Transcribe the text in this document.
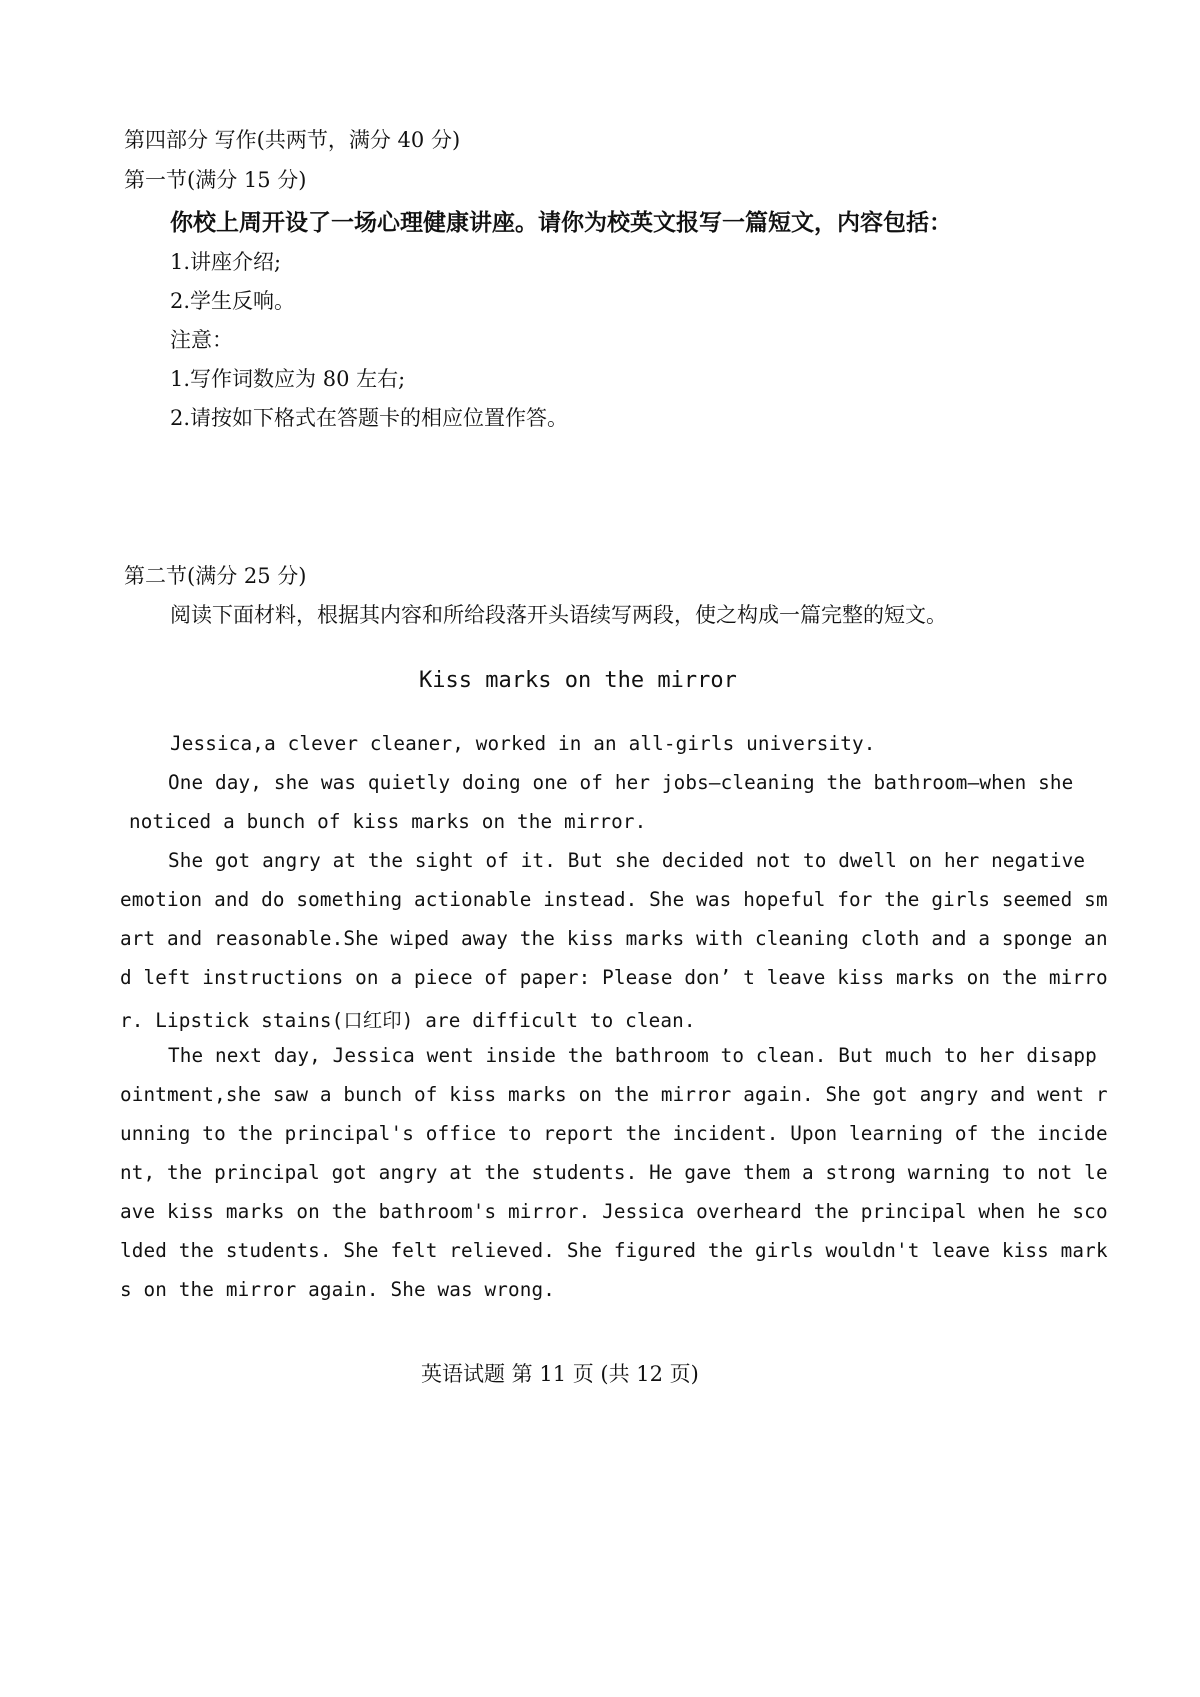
第四部分 写作(共两节，满分 40 分)

第一节(满分 15 分)

你校上周开设了一场心理健康讲座。请你为校英文报写一篇短文，内容包括：

1.讲座介绍;

2.学生反响。

注意：

1.写作词数应为 80 左右;

2.请按如下格式在答题卡的相应位置作答。

第二节(满分 25 分)

阅读下面材料，根据其内容和所给段落开头语续写两段，使之构成一篇完整的短文。

Kiss marks on the mirror

Jessica,a clever cleaner, worked in an all-girls university.

One day, she was quietly doing one of her jobs—cleaning the bathroom—when she

noticed a bunch of kiss marks on the mirror.

She got angry at the sight of it. But she decided not to dwell on her negative

emotion and do something actionable instead. She was hopeful for the girls seemed sm

art and reasonable.She wiped away the kiss marks with cleaning cloth and a sponge an

d left instructions on a piece of paper: Please don’ t leave kiss marks on the mirro

r. Lipstick stains(口红印) are difficult to clean.

The next day, Jessica went inside the bathroom to clean. But much to her disapp

ointment,she saw a bunch of kiss marks on the mirror again. She got angry and went r

unning to the principal's office to report the incident. Upon learning of the incide

nt, the principal got angry at the students. He gave them a strong warning to not le

ave kiss marks on the bathroom's mirror. Jessica overheard the principal when he sco

lded the students. She felt relieved. She figured the girls wouldn't leave kiss mark

s on the mirror again. She was wrong.

英语试题 第 11 页 (共 12 页)
